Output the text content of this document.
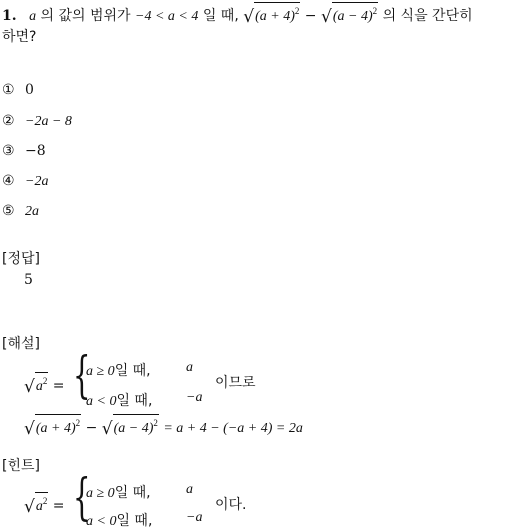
1. a 의 값의 범위가 −4 < a < 4 일 때, $√(a + 4)^2 - √(a - 4)^2$ 의 식을 간단히
하면?
① 0
② −2a − 8
③ −8
④ −2a
⑤ 2a
[정답]
5
[해설]
$√a^2$ = {
a ≥ 0일 때,	a
a < 0일 때, −a
이므로
$√(a + 4)^2 - √(a - 4)^2 = a + 4 - (-a + 4) = 2a$
[힌트]
$√a^2$ = {
a ≥ 0일 때,	a
a < 0일 때, −a
이다.
